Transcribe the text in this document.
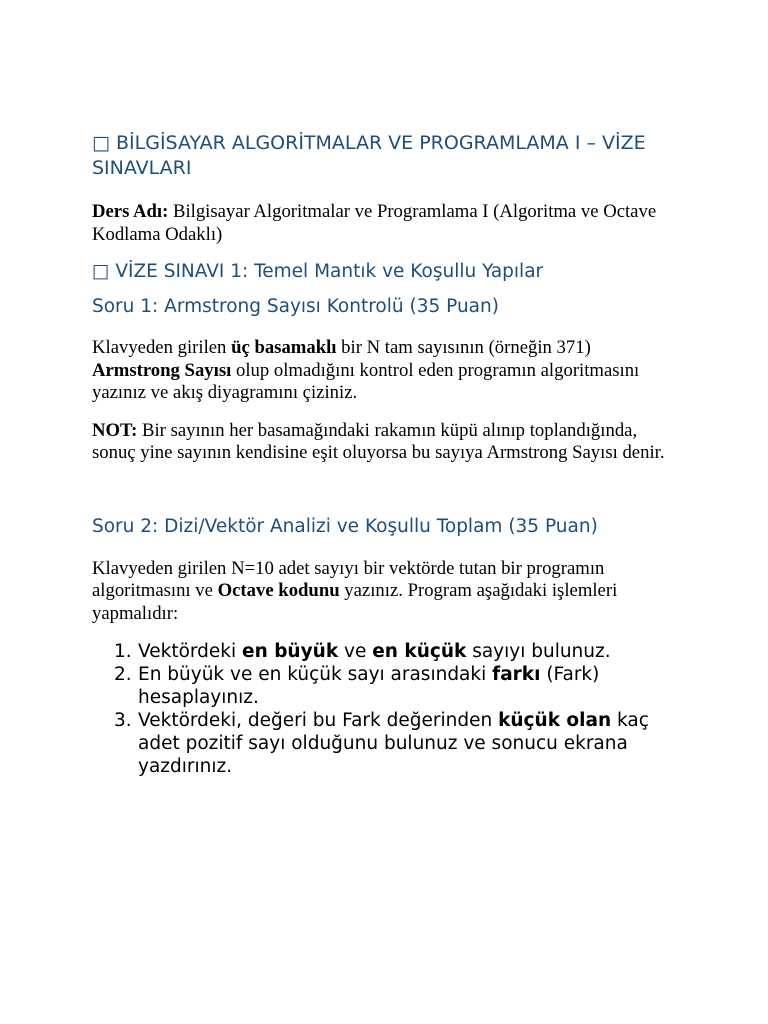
□ BİLGİSAYAR ALGORİTMALAR VE PROGRAMLAMA I – VİZE SINAVLARI
Ders Adı: Bilgisayar Algoritmalar ve Programlama I (Algoritma ve Octave Kodlama Odaklı)
□ VİZE SINAVI 1: Temel Mantık ve Koşullu Yapılar
Soru 1: Armstrong Sayısı Kontrolü (35 Puan)
Klavyeden girilen üç basamaklı bir N tam sayısının (örneğin 371) Armstrong Sayısı olup olmadığını kontrol eden programın algoritmasını yazınız ve akış diyagramını çiziniz.
NOT: Bir sayının her basamağındaki rakamın küpü alınıp toplandığında, sonuç yine sayının kendisine eşit oluyorsa bu sayıya Armstrong Sayısı denir.
Soru 2: Dizi/Vektör Analizi ve Koşullu Toplam (35 Puan)
Klavyeden girilen N=10 adet sayıyı bir vektörde tutan bir programın algoritmasını ve Octave kodunu yazınız. Program aşağıdaki işlemleri yapmalıdır:
1. Vektördeki en büyük ve en küçük sayıyı bulunuz.
2. En büyük ve en küçük sayı arasındaki farkı (Fark) hesaplayınız.
3. Vektördeki, değeri bu Fark değerinden küçük olan kaç adet pozitif sayı olduğunu bulunuz ve sonucu ekrana yazdırınız.
